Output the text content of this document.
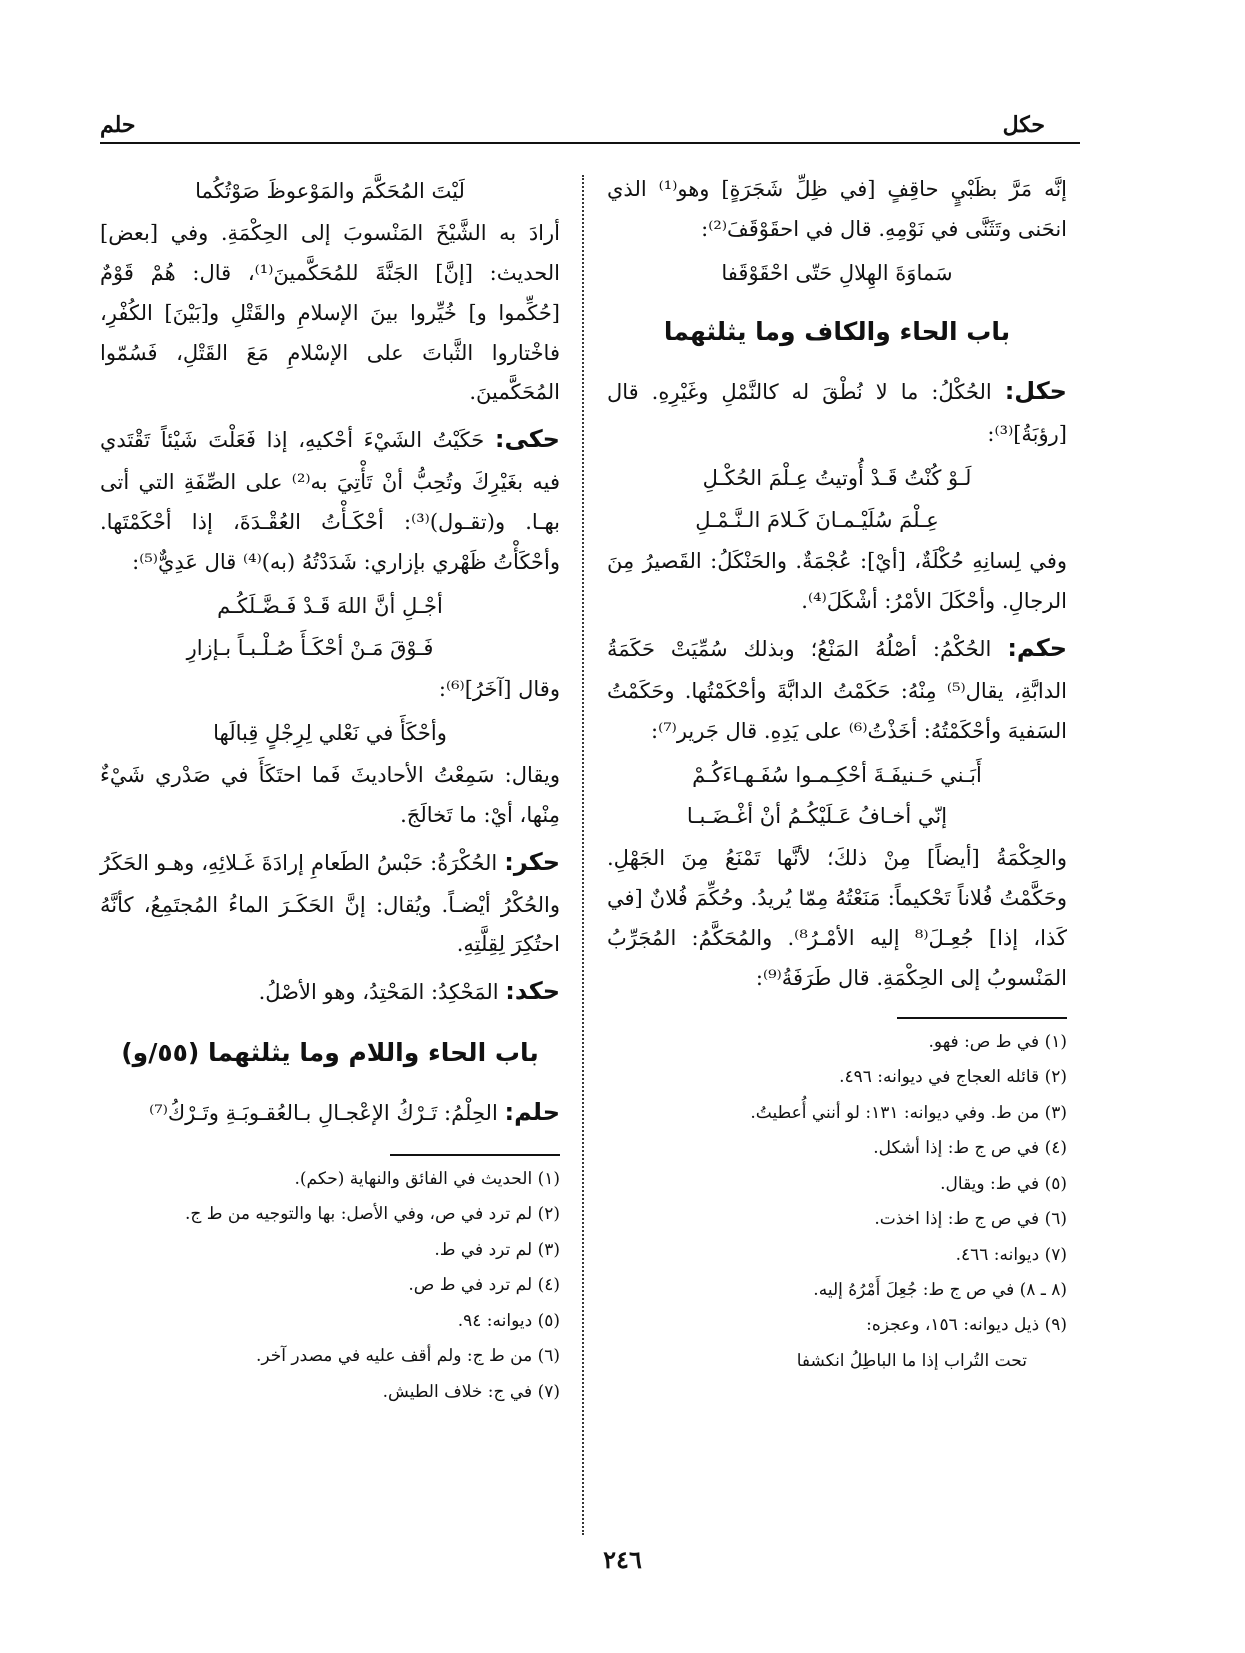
حكل
حلم

إنَّه مَرَّ بظَبْيٍ حاقِفٍ [في ظِلِّ شَجَرَةٍ] وهو⁽¹⁾ الذي انحَنى وتَثَنَّى في نَوْمِهِ. قال في احقَوْقَفَ⁽²⁾:

سَماوَةَ الهِلالِ حَتّى احْقَوْقَفا
باب الحاء والكاف وما يثلثهما

حكل: الحُكْلُ: ما لا نُطْقَ له كالنَّمْلِ وغَيْرِهِ. قال [رؤبَةُ]⁽³⁾:

لَـوْ كُنْتُ قَـدْ أُوتيتُ عِـلْمَ الحُكْـلِ
عِـلْمَ سُلَيْـمـانَ كَـلامَ الـنَّـمْـلِ

وفي لِسانِهِ حُكْلَةٌ، [أيْ]: عُجْمَةٌ. والحَنْكَلُ: القَصيرُ مِنَ الرجالِ. وأحْكَلَ الأمْرُ: أشْكَلَ⁽⁴⁾.

حكم: الحُكْمُ: أصْلُهُ المَنْعُ؛ وبذلك سُمِّيَتْ حَكَمَةُ الدابَّةِ، يقال⁽⁵⁾ مِنْهُ: حَكَمْتُ الدابَّةَ وأحْكَمْتُها. وحَكَمْتُ السَفيهَ وأحْكَمْتُهُ: أخَذْتُ⁽⁶⁾ على يَدِهِ. قال جَرير⁽⁷⁾:

أَبَـني حَـنيفَـةَ أحْكِـمـوا سُفَـهـاءَكُـمْ
إنّي أخـافُ عَـلَيْكُـمُ أنْ أغْـضَـبـا

والحِكْمَةُ [أيضاً] مِنْ ذلكَ؛ لأنَّها تَمْنَعُ مِنَ الجَهْلِ. وحَكَّمْتُ فُلاناً تَحْكيماً: مَنَعْتُهُ مِمّا يُريدُ. وحُكِّمَ فُلانٌ [في كَذا، إذا] جُعِـلَ⁽⁸ إليه الأمْـرُ⁸⁾. والمُحَكَّمُ: المُجَرِّبُ المَنْسوبُ إلى الحِكْمَةِ. قال طَرَفَةُ⁽⁹⁾:

(١) في ط ص: فهو.

(٢) قائله العجاج في ديوانه: ٤٩٦.

(٣) من ط. وفي ديوانه: ١٣١: لو أنني أُعطيتُ.

(٤) في ص ج ط: إذا أشكل.

(٥) في ط: ويقال.

(٦) في ص ج ط: إذا اخذت.

(٧) ديوانه: ٤٦٦.

(٨ ـ ٨) في ص ج ط: جُعِلَ أَمْرُهُ إليه.

(٩) ذيل ديوانه: ١٥٦، وعجزه:

تحت التُراب إذا ما الباطِلُ انكشفا

لَيْتَ المُحَكَّمَ والمَوْعوظَ صَوْتُكُما

أرادَ به الشَّيْخَ المَنْسوبَ إلى الحِكْمَةِ. وفي [بعض] الحديث: [إنَّ] الجَنَّةَ للمُحَكَّمينَ⁽¹⁾، قال: هُمْ قَوْمٌ [حُكِّموا و] خُيِّروا بينَ الإسلامِ والقَتْلِ و[بَيْنَ] الكُفْرِ، فاخْتاروا الثَّباتَ على الإسْلامِ مَعَ القَتْلِ، فَسُمّوا المُحَكَّمينَ.

حكى: حَكَيْتُ الشَيْءَ أحْكيهِ، إذا فَعَلْتَ شَيْئاً تَقْتَدي فيه بغَيْرِكَ وتُحِبُّ أنْ تَأْتِيَ به⁽²⁾ على الصِّفَةِ التي أتى بهـا. و(تقـول)⁽³⁾: أحْكَـأْتُ العُقْـدَةَ، إذا أحْكَمْتَها. وأحْكَأْتُ ظَهْري بإزاري: شَدَدْتُهُ (به)⁽⁴⁾ قال عَدِيٌّ⁽⁵⁾:

أجْـلِ أنَّ اللهَ قَـدْ فَـضَّـلَكُـم
فَـوْقَ مَـنْ أحْكَـأَ صُـلْـبـاً بـإزارِ

وقال [آخَرُ]⁽⁶⁾:

وأحْكَأَ في نَعْلي لِرِجْلٍ قِبالَها

ويقال: سَمِعْتُ الأحاديثَ فَما احتَكَأَ في صَدْري شَيْءٌ مِنْها، أيْ: ما تَخالَجَ.

حكر: الحُكْرَةُ: حَبْسُ الطَعامِ إرادَةَ غَـلائِهِ، وهـو الحَكَرُ والحُكْرُ أيْضـاً. ويُقال: إنَّ الحَكَـرَ الماءُ المُجتَمِعُ، كأنَّهُ احتُكِرَ لِقِلَّتِهِ.

حكد: المَحْكِدُ: المَحْتِدُ، وهو الأصْلُ.

باب الحاء واللام وما يثلثهما (٥٥/و)

حلم: الحِلْمُ: تَـرْكُ الإعْجـالِ بـالعُقـوبَـةِ وتَـرْكُ⁽⁷⁾

(١) الحديث في الفائق والنهاية (حكم).

(٢) لم ترد في ص، وفي الأصل: بها والتوجيه من ط ج.

(٣) لم ترد في ط.

(٤) لم ترد في ط ص.

(٥) ديوانه: ٩٤.

(٦) من ط ج: ولم أقف عليه في مصدر آخر.

(٧) في ج: خلاف الطيش.

٢٤٦
